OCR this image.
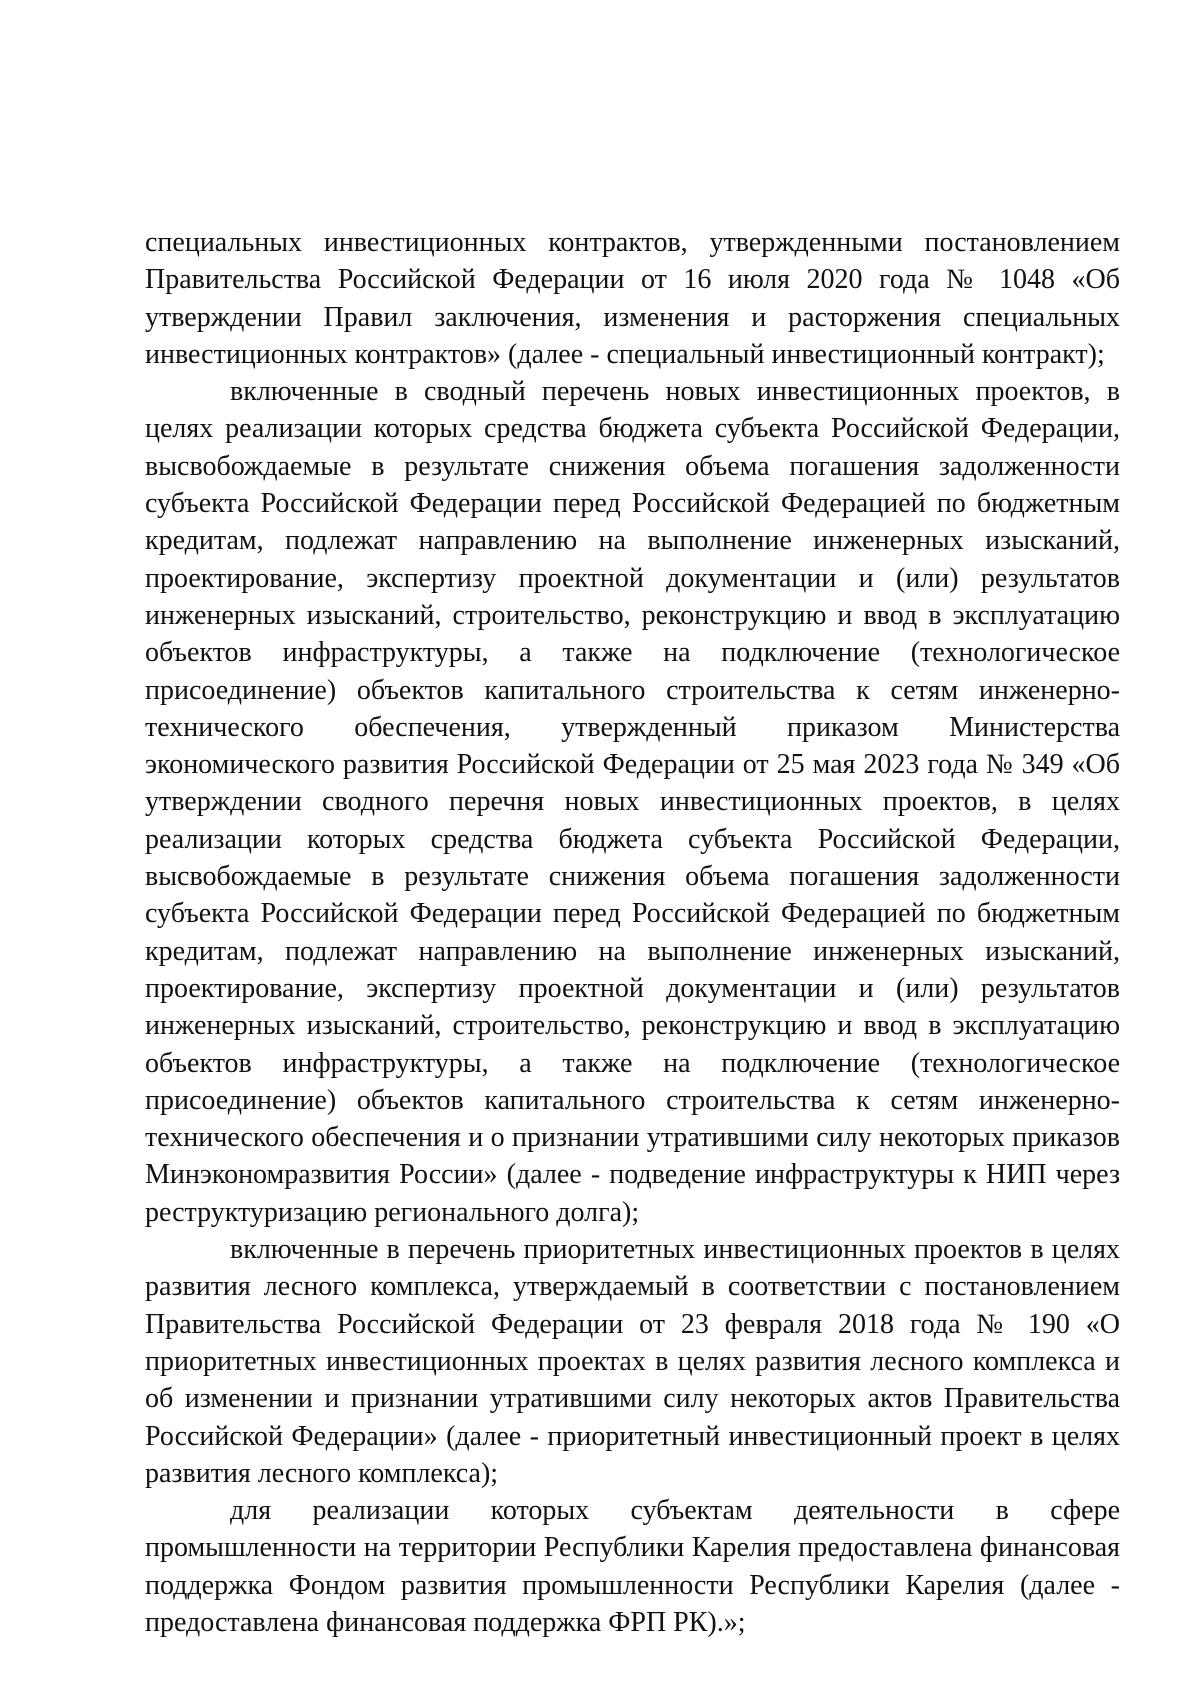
специальных инвестиционных контрактов, утвержденными постановлением Правительства Российской Федерации от 16 июля 2020 года № 1048 «Об утверждении Правил заключения, изменения и расторжения специальных инвестиционных контрактов» (далее - специальный инвестиционный контракт);

включенные в сводный перечень новых инвестиционных проектов, в целях реализации которых средства бюджета субъекта Российской Федерации, высвобождаемые в результате снижения объема погашения задолженности субъекта Российской Федерации перед Российской Федерацией по бюджетным кредитам, подлежат направлению на выполнение инженерных изысканий, проектирование, экспертизу проектной документации и (или) результатов инженерных изысканий, строительство, реконструкцию и ввод в эксплуатацию объектов инфраструктуры, а также на подключение (технологическое присоединение) объектов капитального строительства к сетям инженерно-технического обеспечения, утвержденный приказом Министерства экономического развития Российской Федерации от 25 мая 2023 года № 349 «Об утверждении сводного перечня новых инвестиционных проектов, в целях реализации которых средства бюджета субъекта Российской Федерации, высвобождаемые в результате снижения объема погашения задолженности субъекта Российской Федерации перед Российской Федерацией по бюджетным кредитам, подлежат направлению на выполнение инженерных изысканий, проектирование, экспертизу проектной документации и (или) результатов инженерных изысканий, строительство, реконструкцию и ввод в эксплуатацию объектов инфраструктуры, а также на подключение (технологическое присоединение) объектов капитального строительства к сетям инженерно-технического обеспечения и о признании утратившими силу некоторых приказов Минэкономразвития России» (далее - подведение инфраструктуры к НИП через реструктуризацию регионального долга);

включенные в перечень приоритетных инвестиционных проектов в целях развития лесного комплекса, утверждаемый в соответствии с постановлением Правительства Российской Федерации от 23 февраля 2018 года № 190 «О приоритетных инвестиционных проектах в целях развития лесного комплекса и об изменении и признании утратившими силу некоторых актов Правительства Российской Федерации» (далее - приоритетный инвестиционный проект в целях развития лесного комплекса);

для реализации которых субъектам деятельности в сфере промышленности на территории Республики Карелия предоставлена финансовая поддержка Фондом развития промышленности Республики Карелия (далее - предоставлена финансовая поддержка ФРП РК).»;
